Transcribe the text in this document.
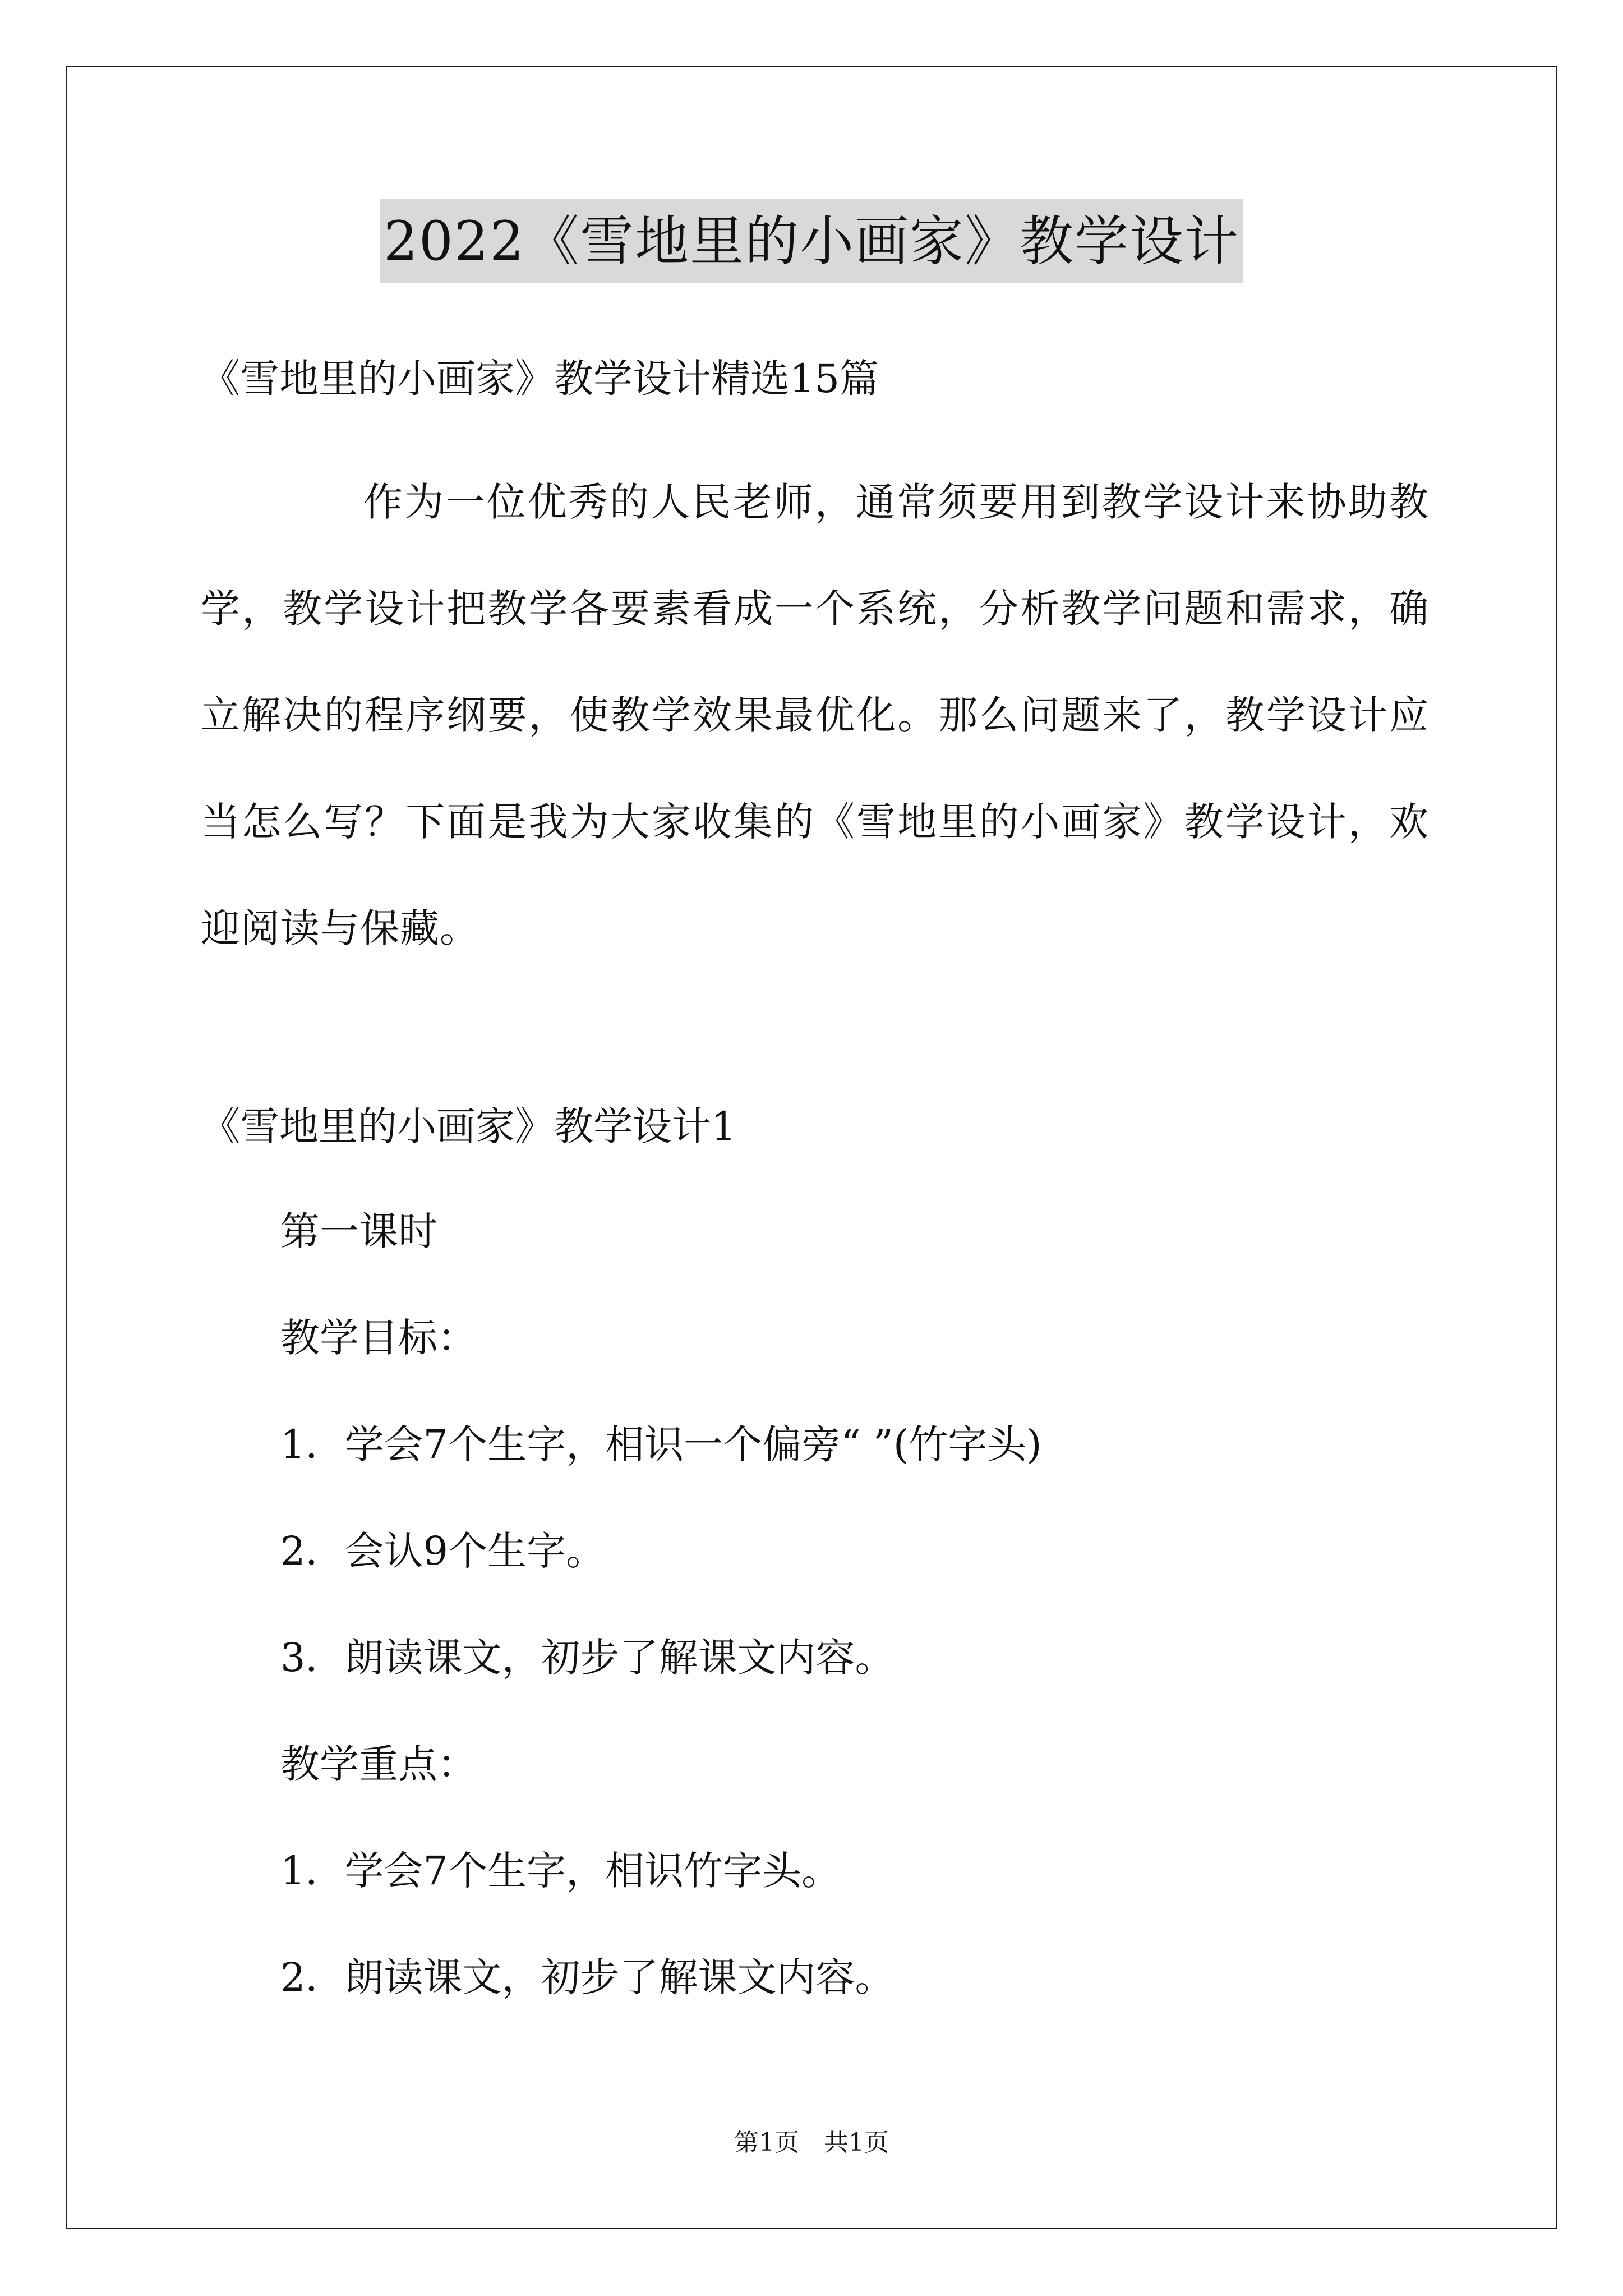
2022《雪地里的小画家》教学设计
《雪地里的小画家》教学设计精选15篇
作为一位优秀的人民老师，通常须要用到教学设计来协助教学，教学设计把教学各要素看成一个系统，分析教学问题和需求，确立解决的程序纲要，使教学效果最优化。那么问题来了，教学设计应当怎么写？下面是我为大家收集的《雪地里的小画家》教学设计，欢迎阅读与保藏。
《雪地里的小画家》教学设计1
第一课时
教学目标：
1．学会7个生字，相识一个偏旁“ ”(竹字头)
2．会认9个生字。
3．朗读课文，初步了解课文内容。
教学重点：
1．学会7个生字，相识竹字头。
2．朗读课文，初步了解课文内容。
第1页　共1页
